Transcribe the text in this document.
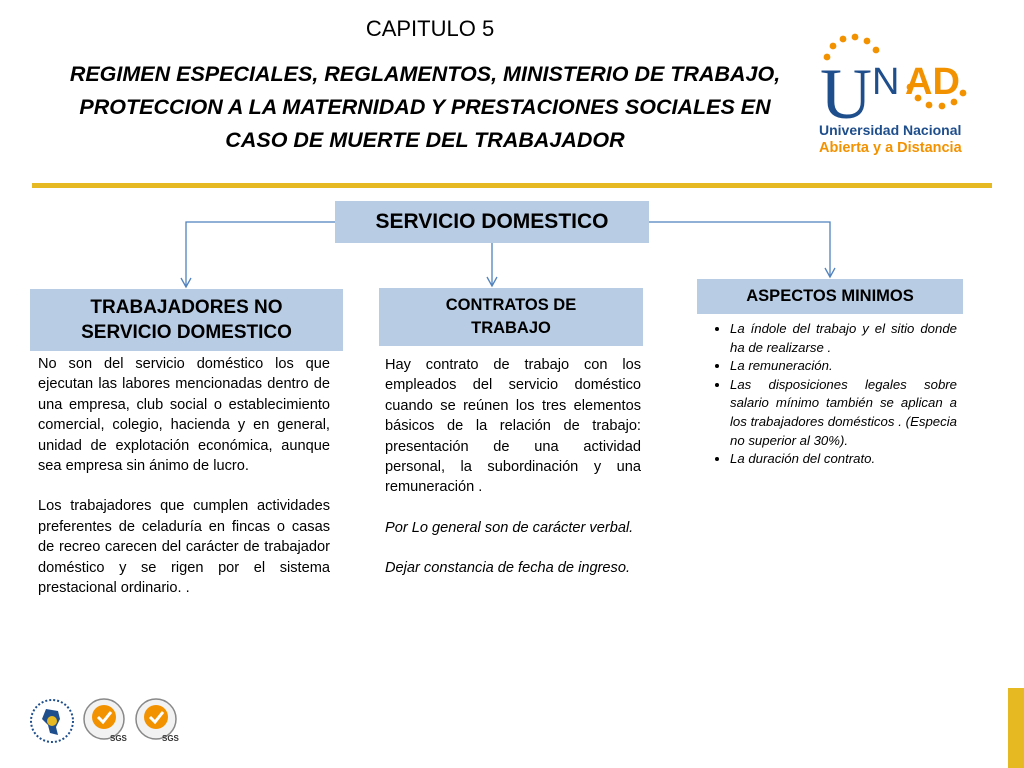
CAPITULO 5
REGIMEN ESPECIALES, REGLAMENTOS, MINISTERIO DE TRABAJO,
PROTECCION A LA MATERNIDAD Y PRESTACIONES SOCIALES EN
CASO DE MUERTE DEL TRABAJADOR
U N AD
Universidad Nacional
Abierta y a Distancia
SERVICIO DOMESTICO
TRABAJADORES NO
SERVICIO DOMESTICO
CONTRATOS DE
TRABAJO
ASPECTOS MINIMOS

No son del servicio doméstico los que ejecutan las labores mencionadas dentro de una empresa, club social o establecimiento comercial, colegio, hacienda y en general, unidad de explotación económica, aunque sea empresa sin ánimo de lucro.

Los trabajadores que cumplen actividades preferentes de celaduría en fincas o casas de recreo carecen del carácter de trabajador doméstico y se rigen por el sistema prestacional ordinario. .

Hay contrato de trabajo con los empleados del servicio doméstico cuando se reúnen los tres elementos básicos de la relación de trabajo: presentación de una actividad personal, la subordinación y una remuneración .

Por Lo general son de carácter verbal.

Dejar constancia de fecha de ingreso.

• La índole del trabajo y el sitio donde ha de realizarse .
• La remuneración.
• Las disposiciones legales sobre salario mínimo también se aplican a los trabajadores domésticos . (Especia no superior al 30%).
• La duración del contrato.
SGS	SGS
